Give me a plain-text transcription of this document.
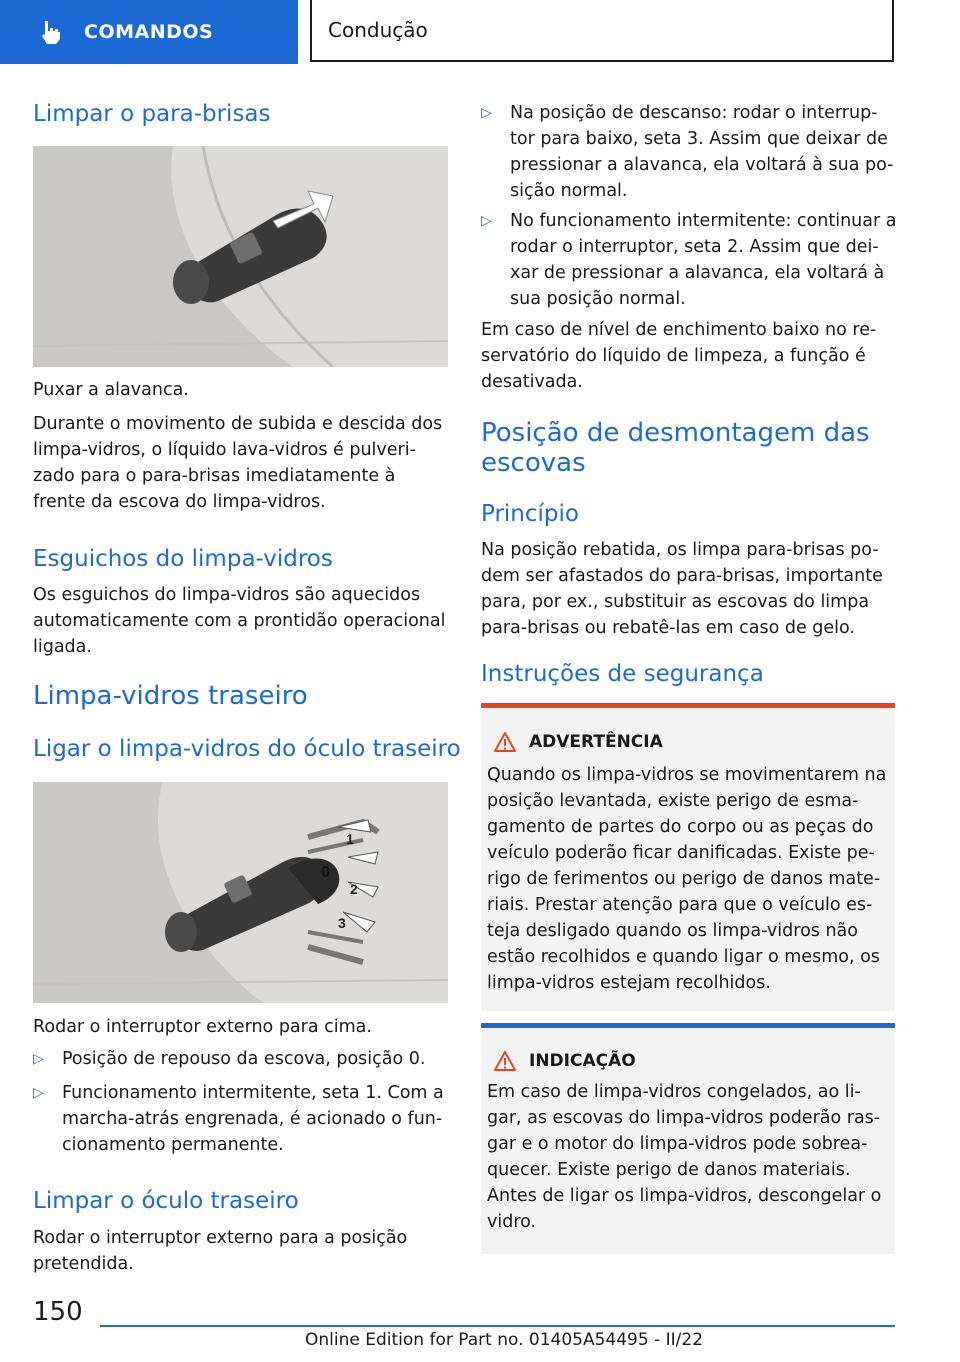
COMANDOS	Condução
Limpar o para-brisas

Puxar a alavanca.

Durante o movimento de subida e descida dos limpa-vidros, o líquido lava-vidros é pulveri- zado para o para-brisas imediatamente à frente da escova do limpa-vidros.

Esguichos do limpa-vidros

Os esguichos do limpa-vidros são aquecidos automaticamente com a prontidão operacional ligada.

Limpa-vidros traseiro
Ligar o limpa-vidros do óculo traseiro
1
0
2
3

Rodar o interruptor externo para cima.

▷ Posição de repouso da escova, posição 0.
▷ Funcionamento intermitente, seta 1. Com a marcha-atrás engrenada, é acionado o fun- cionamento permanente.
Limpar o óculo traseiro

Rodar o interruptor externo para a posição pretendida.

▷ Na posição de descanso: rodar o interrup- tor para baixo, seta 3. Assim que deixar de pressionar a alavanca, ela voltará à sua po- sição normal.
▷ No funcionamento intermitente: continuar a rodar o interruptor, seta 2. Assim que dei- xar de pressionar a alavanca, ela voltará à sua posição normal.

Em caso de nível de enchimento baixo no re- servatório do líquido de limpeza, a função é desativada.

Posição de desmontagem das escovas
Princípio

Na posição rebatida, os limpa para-brisas po- dem ser afastados do para-brisas, importante para, por ex., substituir as escovas do limpa para-brisas ou rebatê-las em caso de gelo.

Instruções de segurança
ADVERTÊNCIA

Quando os limpa-vidros se movimentarem na posição levantada, existe perigo de esma- gamento de partes do corpo ou as peças do veículo poderão ficar danificadas. Existe pe- rigo de ferimentos ou perigo de danos mate- riais. Prestar atenção para que o veículo es- teja desligado quando os limpa-vidros não estão recolhidos e quando ligar o mesmo, os limpa-vidros estejam recolhidos.

INDICAÇÃO

Em caso de limpa-vidros congelados, ao li- gar, as escovas do limpa-vidros poderão ras- gar e o motor do limpa-vidros pode sobrea- quecer. Existe perigo de danos materiais. Antes de ligar os limpa-vidros, descongelar o vidro.

150
Online Edition for Part no. 01405A54495 - II/22
